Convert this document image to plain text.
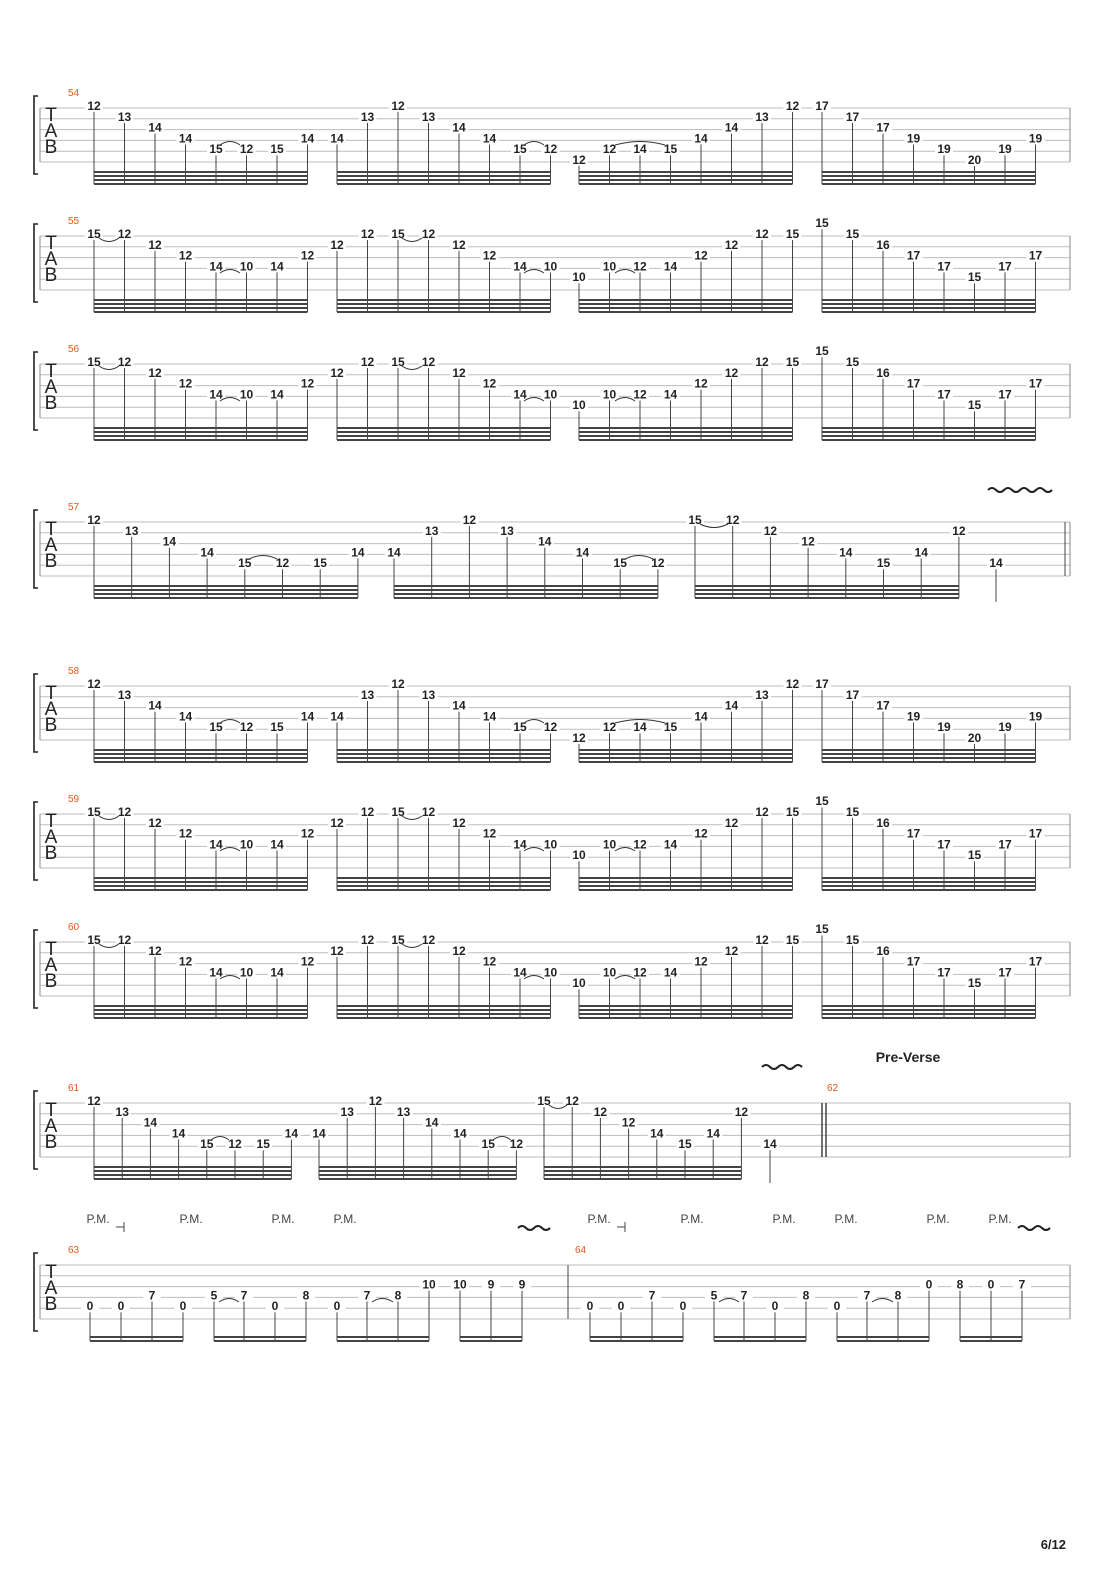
T
A
B
54
12
13
14
14
15 12 15
14 14
13
12
13
14
14
15 12
12
12 14 15
14
14
13
12 17
17
17
19
19
20
19
19
T
A
B
55
15 12
12
12
14 10 14
12
12
12 15 12
12
12
14 10
10
10 12 14
12
12
12 15
15
15
16
17
17
15
17
17
T
A
B
56
15 12
12
12
14 10 14
12
12
12 15 12
12
12
14 10
10
10 12 14
12
12
12 15
15
15
16
17
17
15
17
17
T
A
B
57
12
13
14
14
15 12 15
14 14
13
12
13
14
14
15 12
15 12
12
12
14
15
14
12
14
T
A
B
58
12
13
14
14
15 12 15
14 14
13
12
13
14
14
15 12
12
12 14 15
14
14
13
12 17
17
17
19
19
20
19
19
T
A
B
59
15 12
12
12
14 10 14
12
12
12 15 12
12
12
14 10
10
10 12 14
12
12
12 15
15
15
16
17
17
15
17
17
T
A
B
60
15 12
12
12
14 10 14
12
12
12 15 12
12
12
14 10
10
10 12 14
12
12
12 15
15
15
16
17
17
15
17
17
T
A
B
61
12
13
14
14
15 12 15
14 14
13
12
13
14
14
15 12
15 12
12
12
14
15
14
12
14
62
Pre-Verse
T
A
B
63
0 0
7
0
5 7
0
8
0
7 8
10 10 9 9
0 0
7
0
5 7
0
8
0
7 8
0 8 0 7
64
P.M.	P.M.	P.M.	P.M.	P.M.	P.M.	P.M.	P.M.	P.M.	P.M.
6/12
